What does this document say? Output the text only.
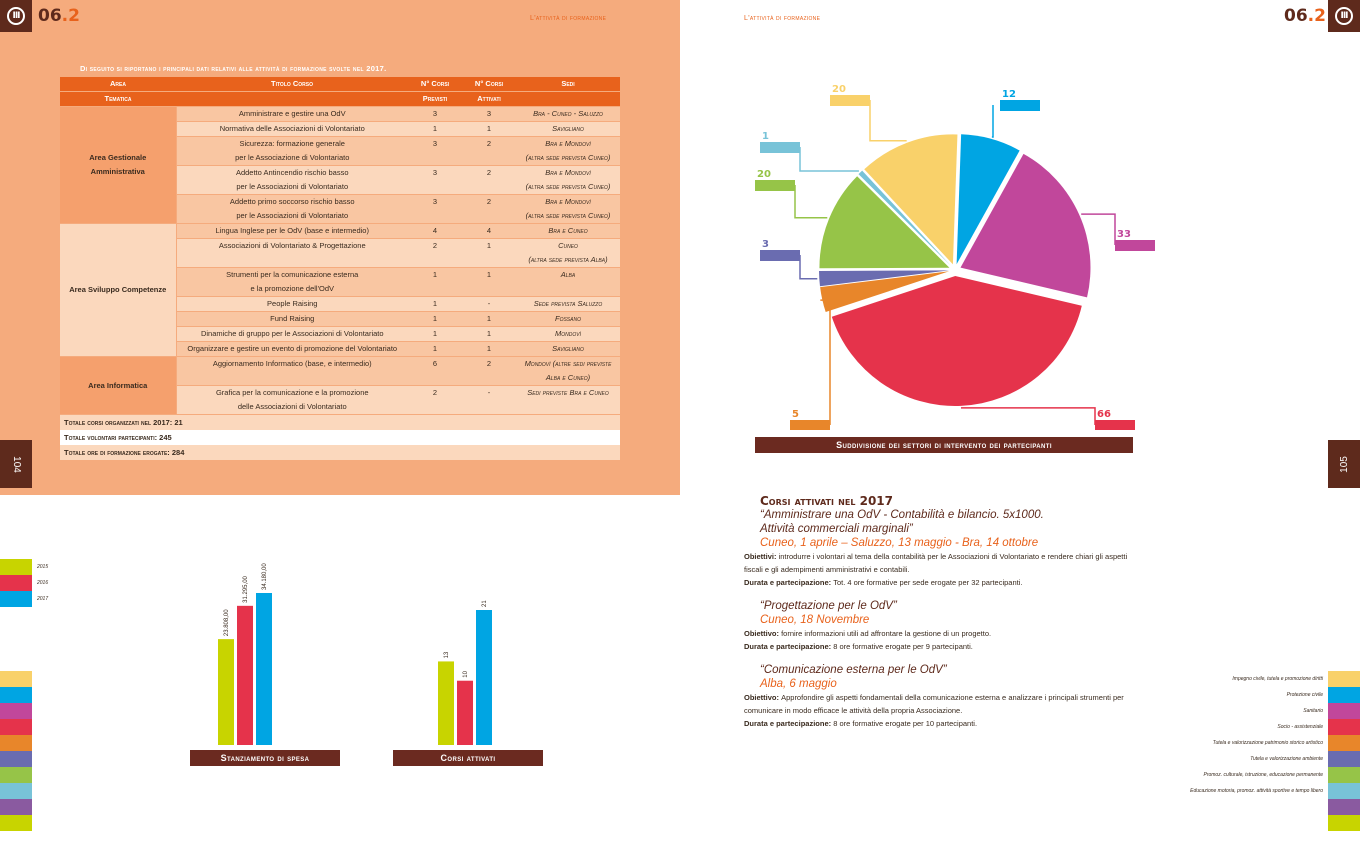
III	06.2	L'attività di formazione
104
Di seguito si riportano i principali dati relativi alle attività di formazione svolte nel 2017.
Area	Titolo Corso	N° Corsi	N° Corsi	Sedi
Tematica		Previsti	Attivati	
Area Gestionale Amministrativa	Amministrare e gestire una OdV	3	3	Bra - Cuneo - Saluzzo
	Normativa delle Associazioni di Volontariato	1	1	Savigliano
	Sicurezza: formazione generale
per le Associazione di Volontariato	3	2	Bra e Mondovì
(altra sede prevista Cuneo)
	Addetto Antincendio rischio basso
per le Associazioni di Volontariato	3	2	Bra e Mondovì
(altra sede prevista Cuneo)
	Addetto primo soccorso rischio basso
per le Associazioni di Volontariato	3	2	Bra e Mondovì
(altra sede prevista Cuneo)
Area Sviluppo Competenze	Lingua Inglese per le OdV (base e intermedio)	4	4	Bra e Cuneo
	Associazioni di Volontariato & Progettazione	2	1	Cuneo
(altra sede prevista Alba)
	Strumenti per la comunicazione esterna
e la promozione dell'OdV	1	1	Alba
	People Raising	1	-	Sede prevista Saluzzo
	Fund Raising	1	1	Fossano
	Dinamiche di gruppo per le Associazioni di Volontariato	1	1	Mondovì
	Organizzare e gestire un evento di promozione del Volontariato	1	1	Savigliano
Area Informatica	Aggiornamento Informatico (base, e intermedio)	6	2	Mondovì (altre sedi previste
Alba e Cuneo)
	Grafica per la comunicazione e la promozione
delle Associazioni di Volontariato	2	-	Sedi previste Bra e Cuneo
Totale corsi organizzati nel 2017: 21
Totale volontari partecipanti: 245
Totale ore di formazione erogate: 284
2015
2016
2017
23.808,00
31.295,00 34.180,00
Stanziamento di spesa
13
10
21
Corsi attivati
III
06.2
L'attività di formazione
105
12
33
66
5
3
20
1
20
Suddivisione dei settori di intervento dei partecipanti
Corsi attivati nel 2017
“Amministrare una OdV - Contabilità e bilancio. 5x1000.
Attività commerciali marginali”
Cuneo, 1 aprile – Saluzzo, 13 maggio - Bra, 14 ottobre
Obiettivi: introdurre i volontari al tema della contabilità per le Associazioni di Volontariato e rendere chiari gli aspetti fiscali e gli adempimenti amministrativi e contabili.
Durata e partecipazione: Tot. 4 ore formative per sede erogate per 32 partecipanti.
“Progettazione per le OdV”
Cuneo, 18 Novembre
Obiettivo: fornire informazioni utili ad affrontare la gestione di un progetto.
Durata e partecipazione: 8 ore formative erogate per 9 partecipanti.
“Comunicazione esterna per le OdV”
Alba, 6 maggio
Obiettivo: Approfondire gli aspetti fondamentali della comunicazione esterna e analizzare i principali strumenti per comunicare in modo efficace le attività della propria Associazione.
Durata e partecipazione: 8 ore formative erogate per 10 partecipanti.
Impegno civile, tutela e promozione diritti
Protezione civile
Sanitario
Socio - assistenziale
Tutela e valorizzazione patrimonio storico artistico
Tutela e valorizzazione ambiente
Promoz. culturale, istruzione, educazione permanente
Educazione motoria, promoz. attività sportive e tempo libero
